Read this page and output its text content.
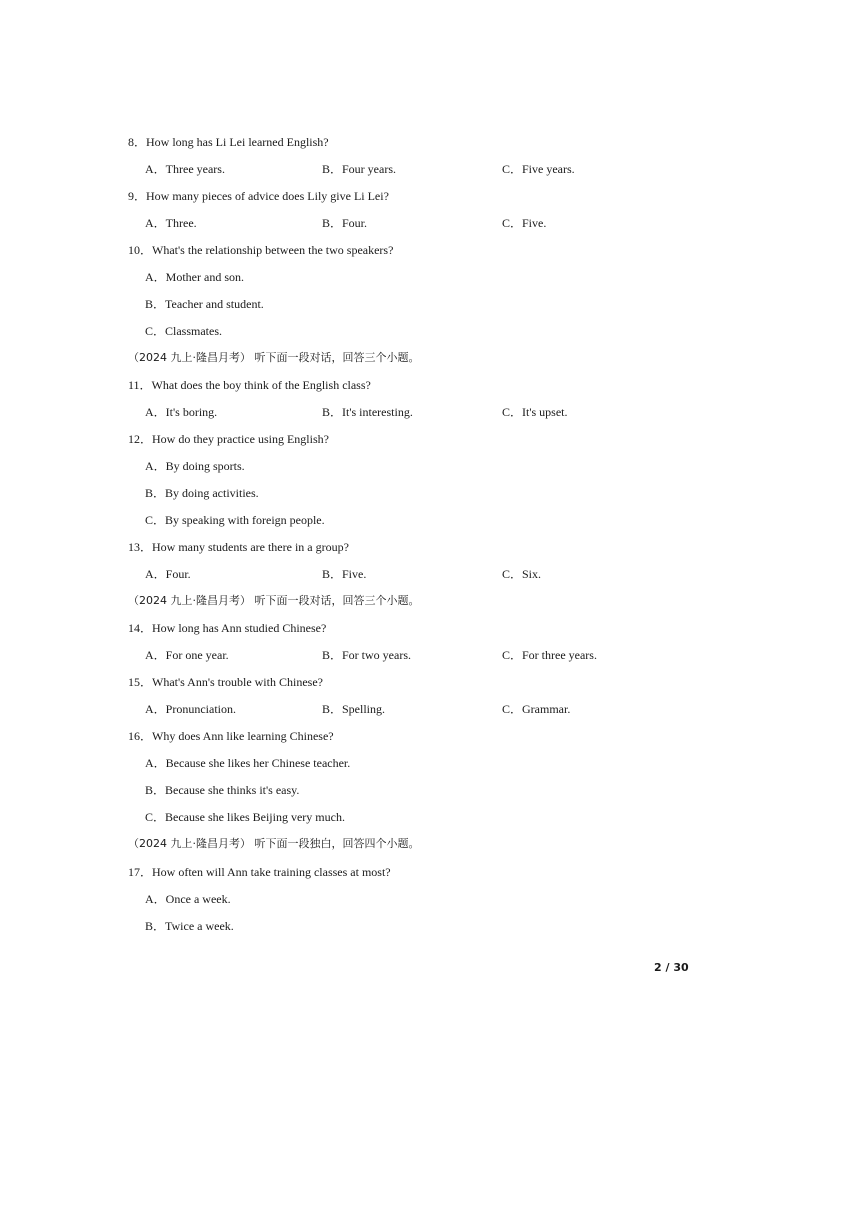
8．How long has Li Lei learned English?
A．Three years.	B．Four years.	C．Five years.
9．How many pieces of advice does Lily give Li Lei?
A．Three.	B．Four.	C．Five.
10．What's the relationship between the two speakers?
A．Mother and son.
B．Teacher and student.
C．Classmates.
（2024 九上·隆昌月考） 听下面一段对话，回答三个小题。
11．What does the boy think of the English class?
A．It's boring.	B．It's interesting.	C．It's upset.
12．How do they practice using English?
A．By doing sports.
B．By doing activities.
C．By speaking with foreign people.
13．How many students are there in a group?
A．Four.	B．Five.	C．Six.
（2024 九上·隆昌月考） 听下面一段对话，回答三个小题。
14．How long has Ann studied Chinese?
A．For one year.	B．For two years.	C．For three years.
15．What's Ann's trouble with Chinese?
A．Pronunciation.	B．Spelling.	C．Grammar.
16．Why does Ann like learning Chinese?
A．Because she likes her Chinese teacher.
B．Because she thinks it's easy.
C．Because she likes Beijing very much.
（2024 九上·隆昌月考） 听下面一段独白，回答四个小题。
17．How often will Ann take training classes at most?
A．Once a week.
B．Twice a week.
2 / 30
